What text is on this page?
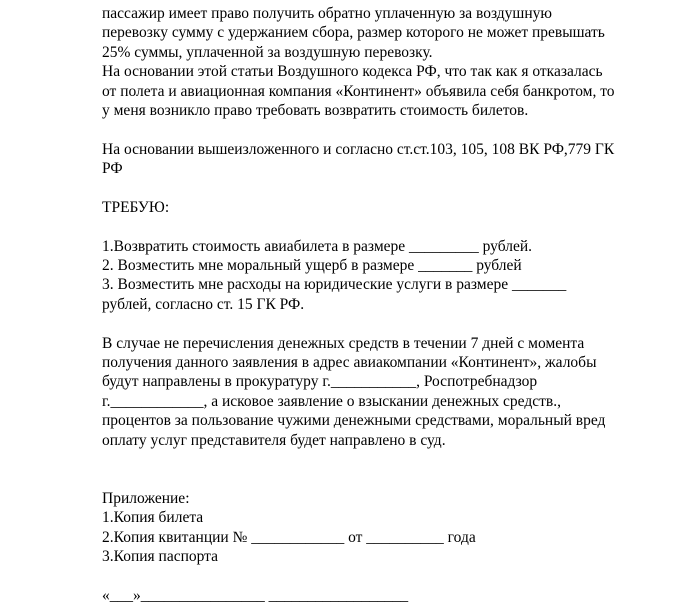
пассажир имеет право получить обратно уплаченную за воздушную
перевозку сумму с удержанием сбора, размер которого не может превышать
25% суммы, уплаченной за воздушную перевозку.
На основании этой статьи Воздушного кодекса РФ, что так как я отказалась
от полета и авиационная компания «Континент» объявила себя банкротом, то
у меня возникло право требовать возвратить стоимость билетов.
На основании вышеизложенного и согласно ст.ст.103, 105, 108 ВК РФ,779 ГК
РФ
ТРЕБУЮ:
1.Возвратить стоимость авиабилета в размере _________ рублей.
2. Возместить мне моральный ущерб в размере _______ рублей
3. Возместить мне расходы на юридические услуги в размере _______
рублей, согласно ст. 15 ГК РФ.
В случае не перечисления денежных средств в течении 7 дней с момента
получения данного заявления в адрес авиакомпании «Континент», жалобы
будут направлены в прокуратуру г.___________, Роспотребнадзор
г.____________, а исковое заявление о взыскании денежных средств.,
процентов за пользование чужими денежными средствами, моральный вред
оплату услуг представителя будет направлено в суд.
Приложение:
1.Копия билета
2.Копия квитанции № ____________ от __________ года
3.Копия паспорта
«___»________________ __________________
